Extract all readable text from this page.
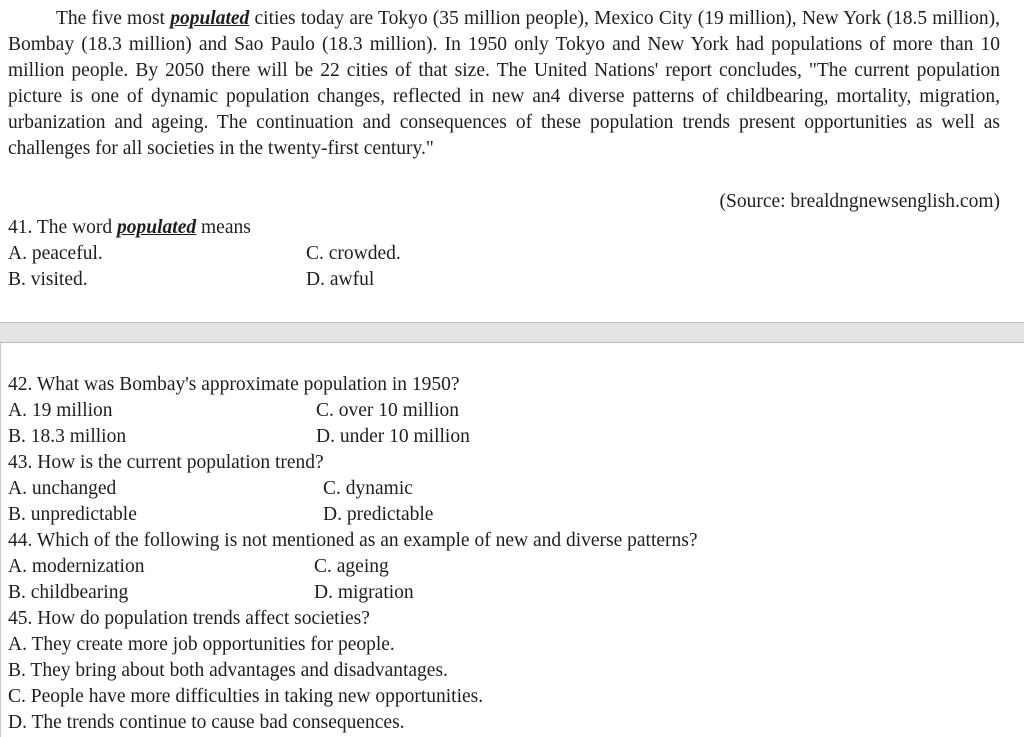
The five most populated cities today are Tokyo (35 million people), Mexico City (19 million), New York (18.5 million), Bombay (18.3 million) and Sao Paulo (18.3 million). In 1950 only Tokyo and New York had populations of more than 10 million people. By 2050 there will be 22 cities of that size. The United Nations' report concludes, "The current population picture is one of dynamic population changes, reflected in new an4 diverse patterns of childbearing, mortality, migration, urbanization and ageing. The continuation and consequences of these population trends present opportunities as well as challenges for all societies in the twenty-first century."

(Source: brealdngnewsenglish.com)

41. The word populated means

A. peaceful.	C. crowded.

B. visited.	D. awful

42. What was Bombay's approximate population in 1950?

A. 19 million	C. over 10 million

B. 18.3 million	D. under 10 million

43. How is the current population trend?

A. unchanged	C. dynamic

B. unpredictable	D. predictable

44. Which of the following is not mentioned as an example of new and diverse patterns?

A. modernization	C. ageing

B. childbearing	D. migration

45. How do population trends affect societies?

A. They create more job opportunities for people.

B. They bring about both advantages and disadvantages.

C. People have more difficulties in taking new opportunities.

D. The trends continue to cause bad consequences.
